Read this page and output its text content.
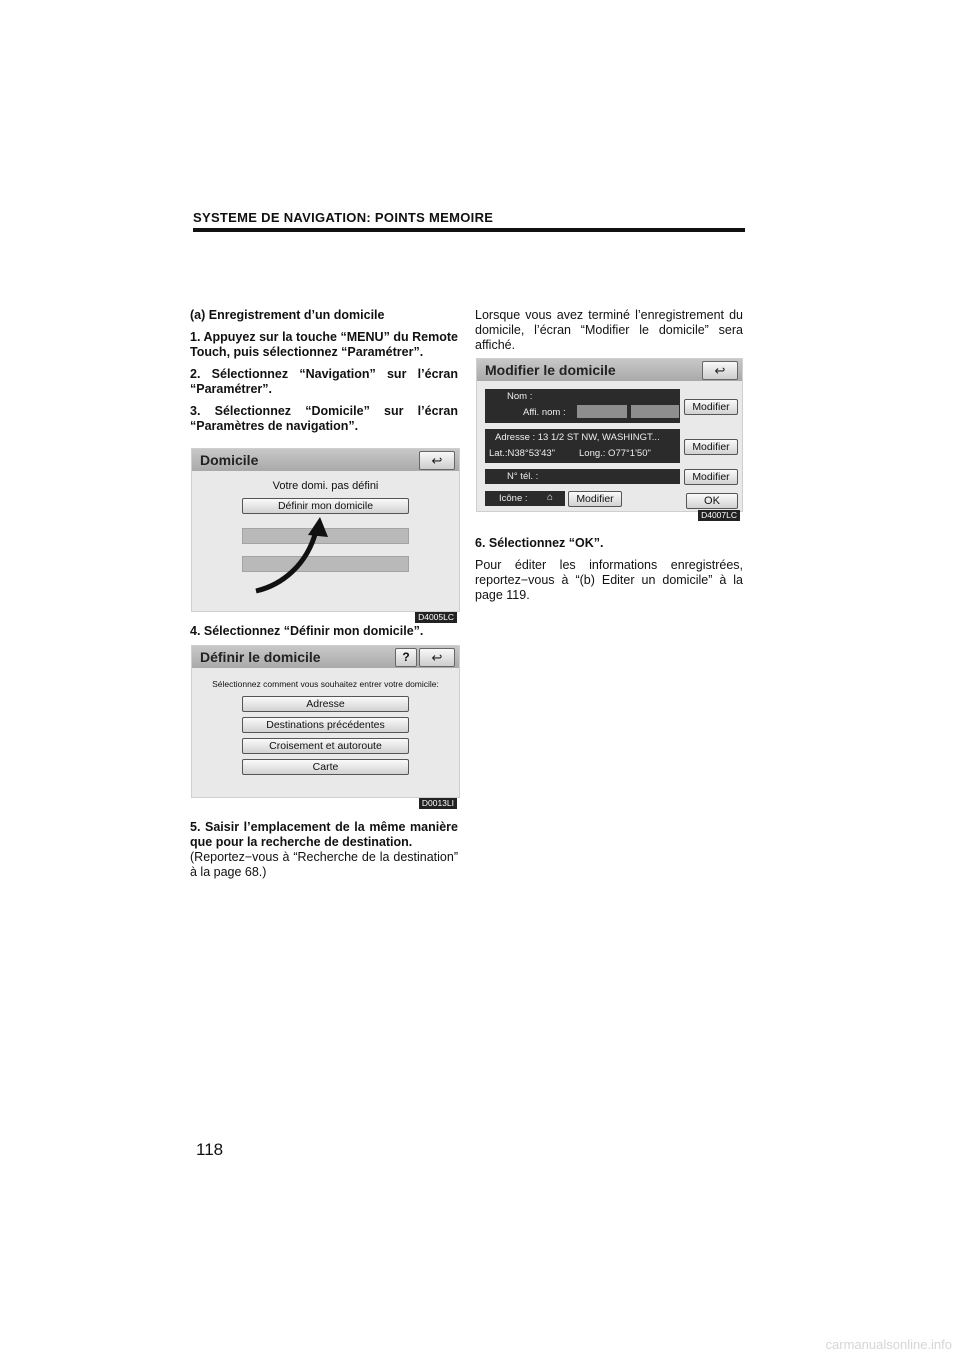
SYSTEME DE NAVIGATION: POINTS MEMOIRE

(a) Enregistrement d’un domicile

1. Appuyez sur la touche “MENU” du Remote Touch, puis sélectionnez “Paramétrer”.

2. Sélectionnez “Navigation” sur l’écran “Paramétrer”.

3. Sélectionnez “Domicile” sur l’écran “Paramètres de navigation”.

Domicile	↩
Votre domi. pas défini
Définir mon domicile
D4005LC
4. Sélectionnez “Définir mon domicile”.
Définir le domicile	?	↩
Sélectionnez comment vous souhaitez entrer votre domicile:
Adresse
Destinations précédentes
Croisement et autoroute
Carte
D0013LI

5. Saisir l’emplacement de la même manière que pour la recherche de destination.

(Reportez−vous à “Recherche de la destination” à la page 68.)

Lorsque vous avez terminé l’enregistrement du domicile, l’écran “Modifier le domicile” sera affiché.
Modifier le domicile	↩
Nom :
Affi. nom :	Modifier
Adresse : 13 1/2 ST NW, WASHINGT...
Lat.:N38°53'43"	Long.: O77°1'50"
Modifier
N° tél. :	Modifier
Icône : ⌂	Modifier	OK
D4007LC

6. Sélectionnez “OK”.

Pour éditer les informations enregistrées, reportez−vous à “(b) Editer un domicile” à la page 119.

118
carmanualsonline.info
